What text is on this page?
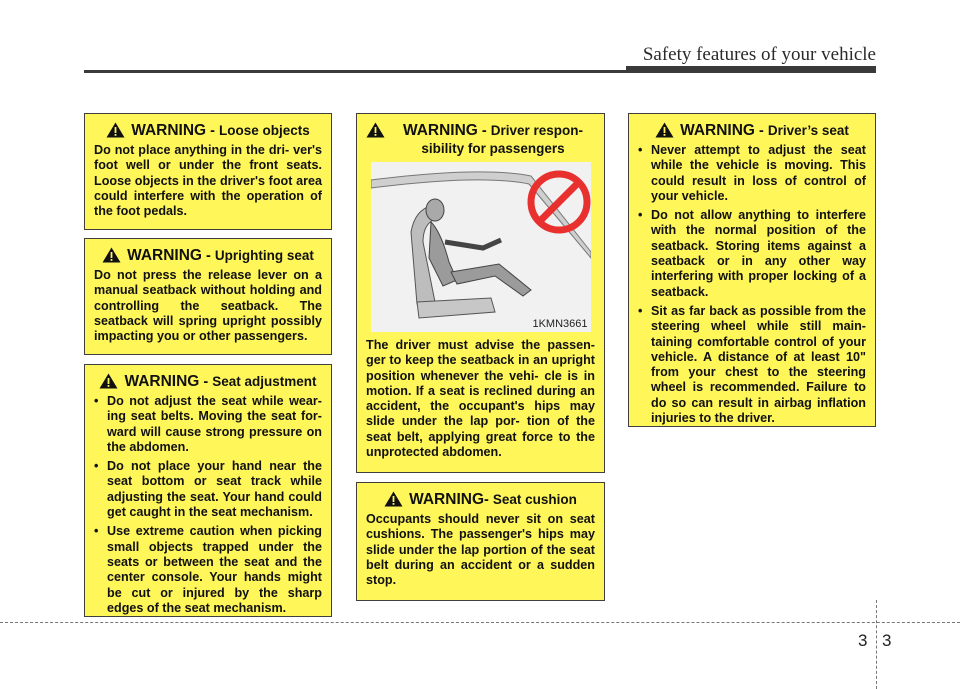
Safety features of your vehicle
WARNING - Loose objects

Do not place anything in the dri- ver's foot well or under the front seats. Loose objects in the driver's foot area could interfere with the operation of the foot pedals.

WARNING - Uprighting seat

Do not press the release lever on a manual seatback without holding and controlling the seatback. The seatback will spring upright possibly impacting you or other passengers.

WARNING - Seat adjustment
• Do not adjust the seat while wear- ing seat belts. Moving the seat for- ward will cause strong pressure on the abdomen.
• Do not place your hand near the seat bottom or seat track while adjusting the seat. Your hand could get caught in the seat mechanism.
• Use extreme caution when picking small objects trapped under the seats or between the seat and the center console. Your hands might be cut or injured by the sharp edges of the seat mechanism.
WARNING - Driver respon- sibility for passengers
1KMN3661

The driver must advise the passen- ger to keep the seatback in an upright position whenever the vehi- cle is in motion. If a seat is reclined during an accident, the occupant's hips may slide under the lap por- tion of the seat belt, applying great force to the unprotected abdomen.

WARNING- Seat cushion

Occupants should never sit on seat cushions. The passenger's hips may slide under the lap portion of the seat belt during an accident or a sudden stop.

WARNING - Driver’s seat
• Never attempt to adjust the seat while the vehicle is moving. This could result in loss of control of your vehicle.
• Do not allow anything to interfere with the normal position of the seatback. Storing items against a seatback or in any other way interfering with proper locking of a seatback.
• Sit as far back as possible from the steering wheel while still main- taining comfortable control of your vehicle. A distance of at least 10" from your chest to the steering wheel is recommended. Failure to do so can result in airbag inflation injuries to the driver.
3 3
